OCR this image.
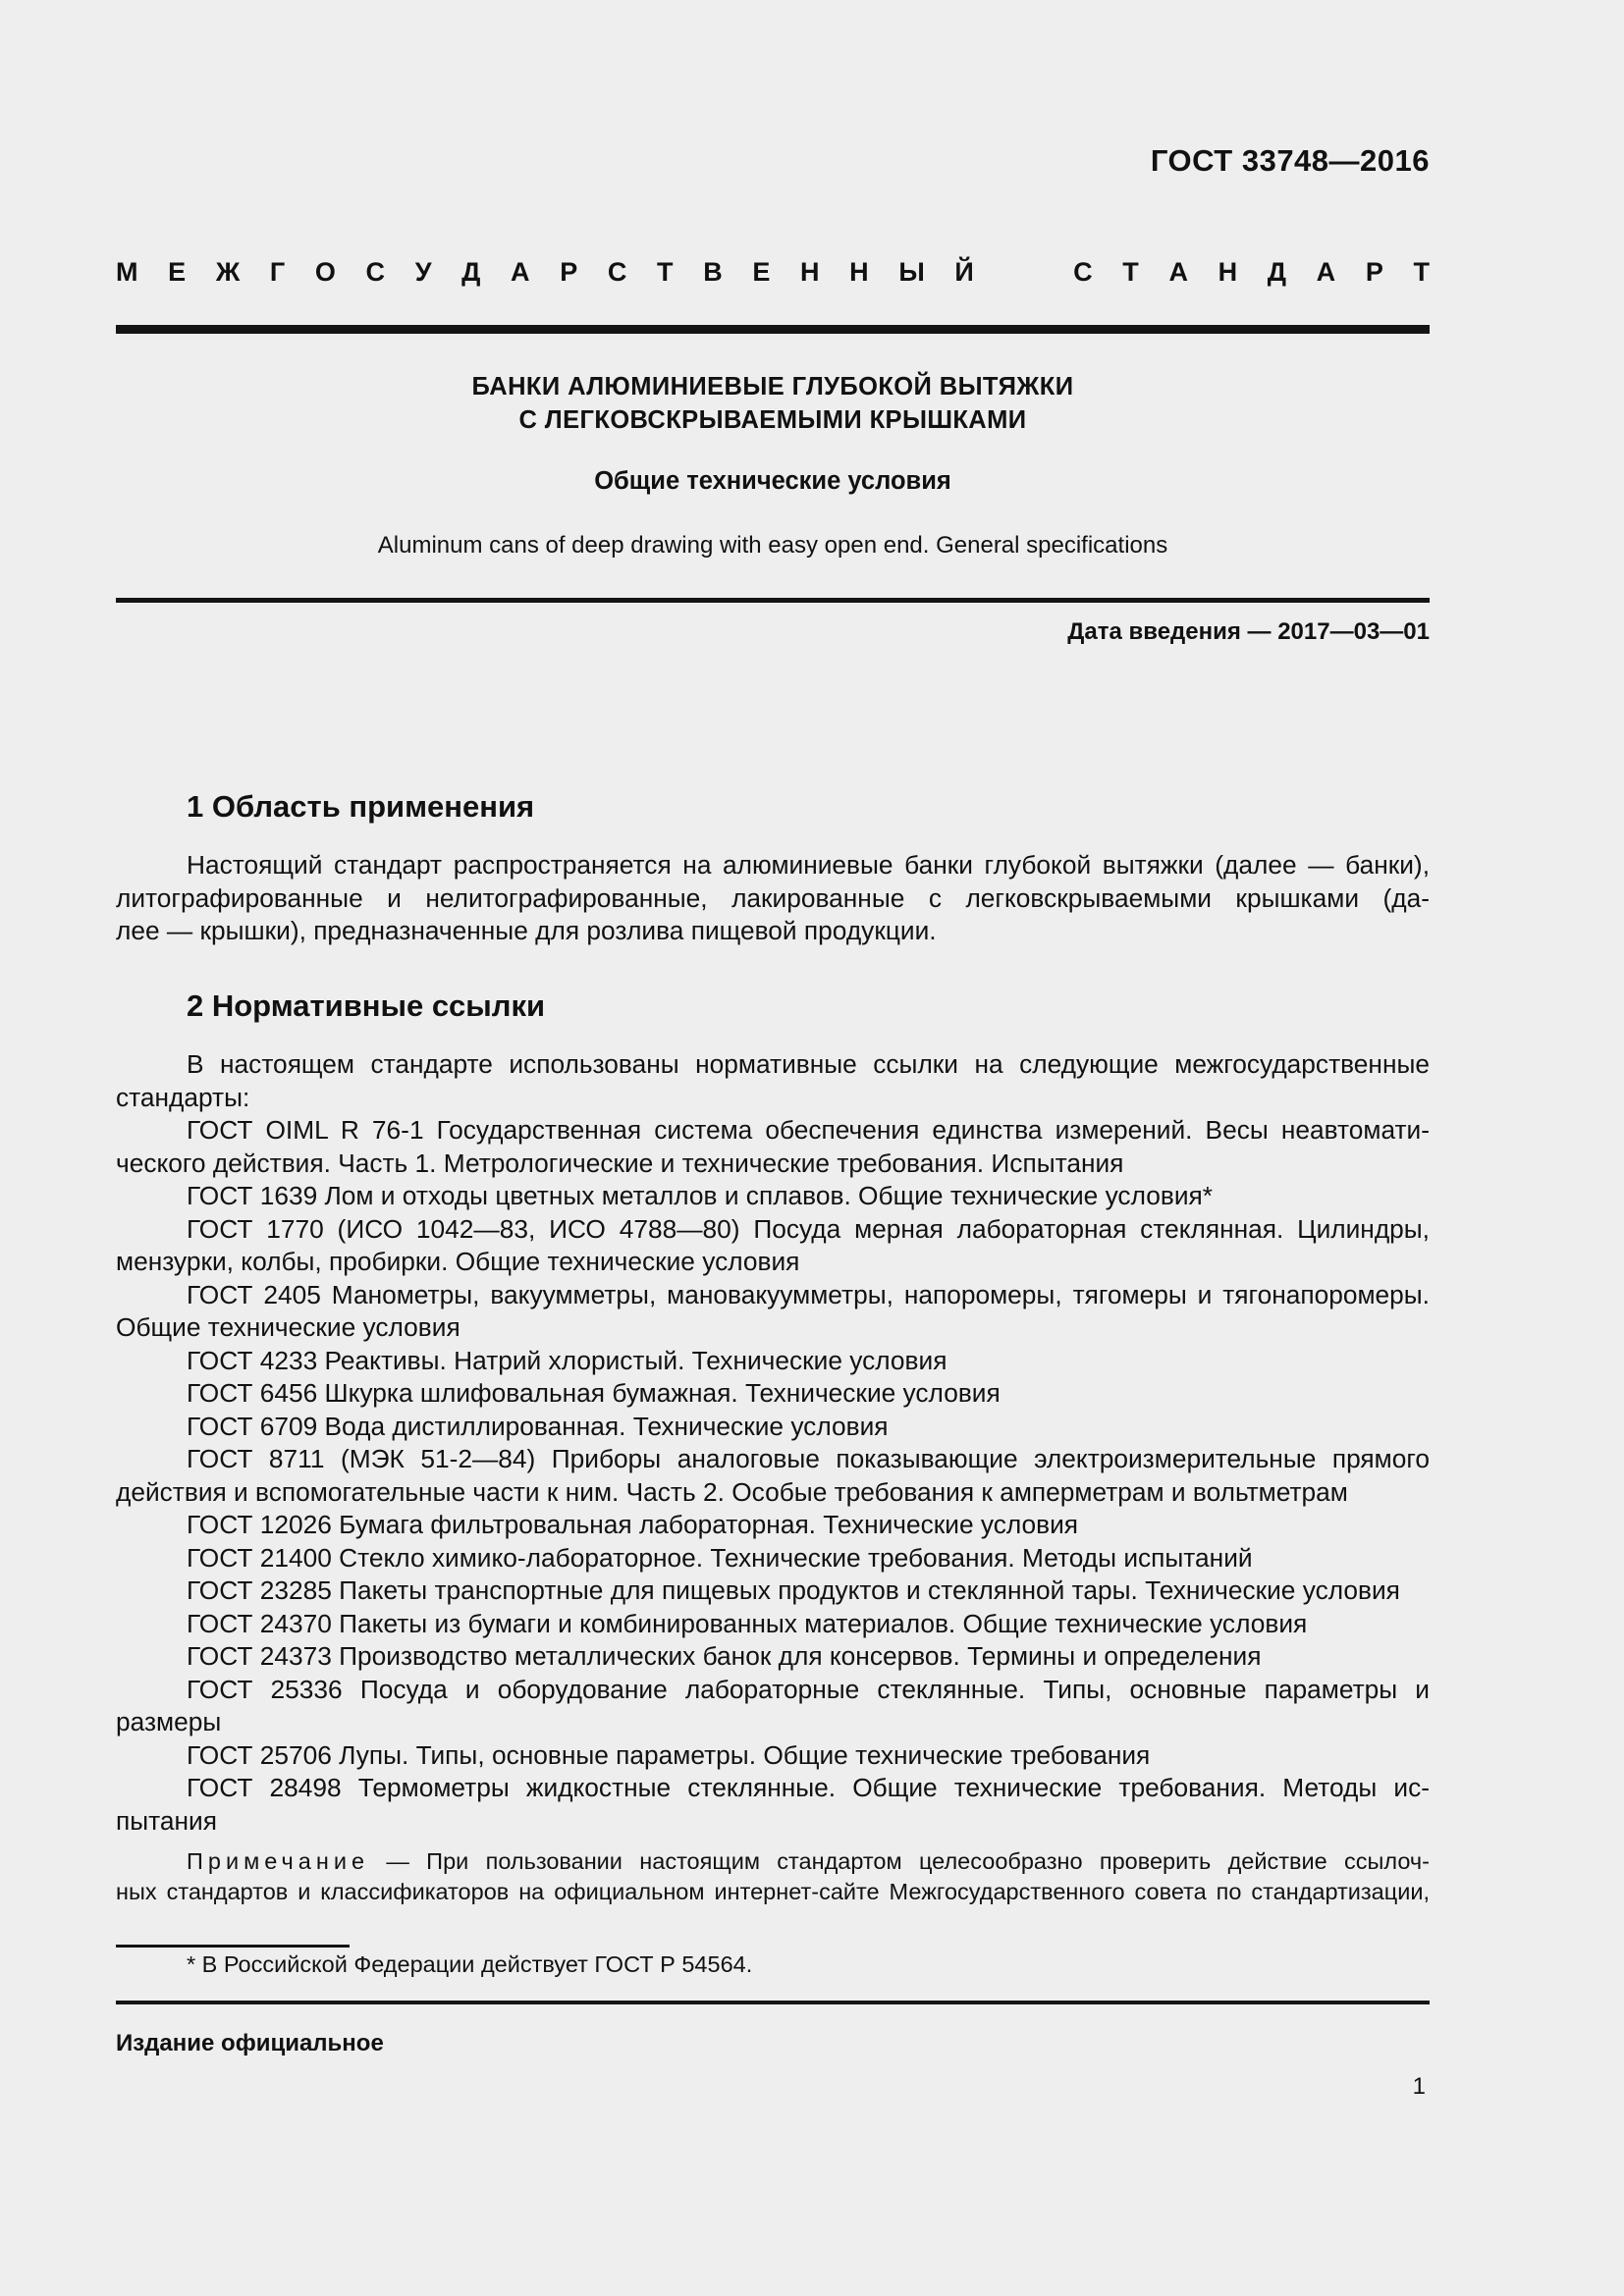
ГОСТ 33748—2016
М Е Ж Г О С У Д А Р С Т В Е Н Н Ы Й	С Т А Н Д А Р Т
БАНКИ АЛЮМИНИЕВЫЕ ГЛУБОКОЙ ВЫТЯЖКИ
С ЛЕГКОВСКРЫВАЕМЫМИ КРЫШКАМИ
Общие технические условия
Aluminum cans of deep drawing with easy open end. General specifications
Дата введения — 2017—03—01
1 Область применения
Настоящий стандарт распространяется на алюминиевые банки глубокой вытяжки (далее — банки),
литографированные и нелитографированные, лакированные с легковскрываемыми крышками (да-
лее — крышки), предназначенные для розлива пищевой продукции.
2 Нормативные ссылки
В настоящем стандарте использованы нормативные ссылки на следующие межгосударственные
стандарты:
ГОСТ OIML R 76-1 Государственная система обеспечения единства измерений. Весы неавтомати-
ческого действия. Часть 1. Метрологические и технические требования. Испытания
ГОСТ 1639 Лом и отходы цветных металлов и сплавов. Общие технические условия*
ГОСТ 1770 (ИСО 1042—83, ИСО 4788—80) Посуда мерная лабораторная стеклянная. Цилиндры,
мензурки, колбы, пробирки. Общие технические условия
ГОСТ 2405 Манометры, вакуумметры, мановакуумметры, напоромеры, тягомеры и тягонапоромеры.
Общие технические условия
ГОСТ 4233 Реактивы. Натрий хлористый. Технические условия
ГОСТ 6456 Шкурка шлифовальная бумажная. Технические условия
ГОСТ 6709 Вода дистиллированная. Технические условия
ГОСТ 8711 (МЭК 51-2—84) Приборы аналоговые показывающие электроизмерительные прямого
действия и вспомогательные части к ним. Часть 2. Особые требования к амперметрам и вольтметрам
ГОСТ 12026 Бумага фильтровальная лабораторная. Технические условия
ГОСТ 21400 Стекло химико-лабораторное. Технические требования. Методы испытаний
ГОСТ 23285 Пакеты транспортные для пищевых продуктов и стеклянной тары. Технические условия
ГОСТ 24370 Пакеты из бумаги и комбинированных материалов. Общие технические условия
ГОСТ 24373 Производство металлических банок для консервов. Термины и определения
ГОСТ 25336 Посуда и оборудование лабораторные стеклянные. Типы, основные параметры и
размеры
ГОСТ 25706 Лупы. Типы, основные параметры. Общие технические требования
ГОСТ 28498 Термометры жидкостные стеклянные. Общие технические требования. Методы ис-
пытания
Примечание — При пользовании настоящим стандартом целесообразно проверить действие ссылоч-
ных стандартов и классификаторов на официальном интернет-сайте Межгосударственного совета по стандартизации,
* В Российской Федерации действует ГОСТ Р 54564.
Издание официальное
1
